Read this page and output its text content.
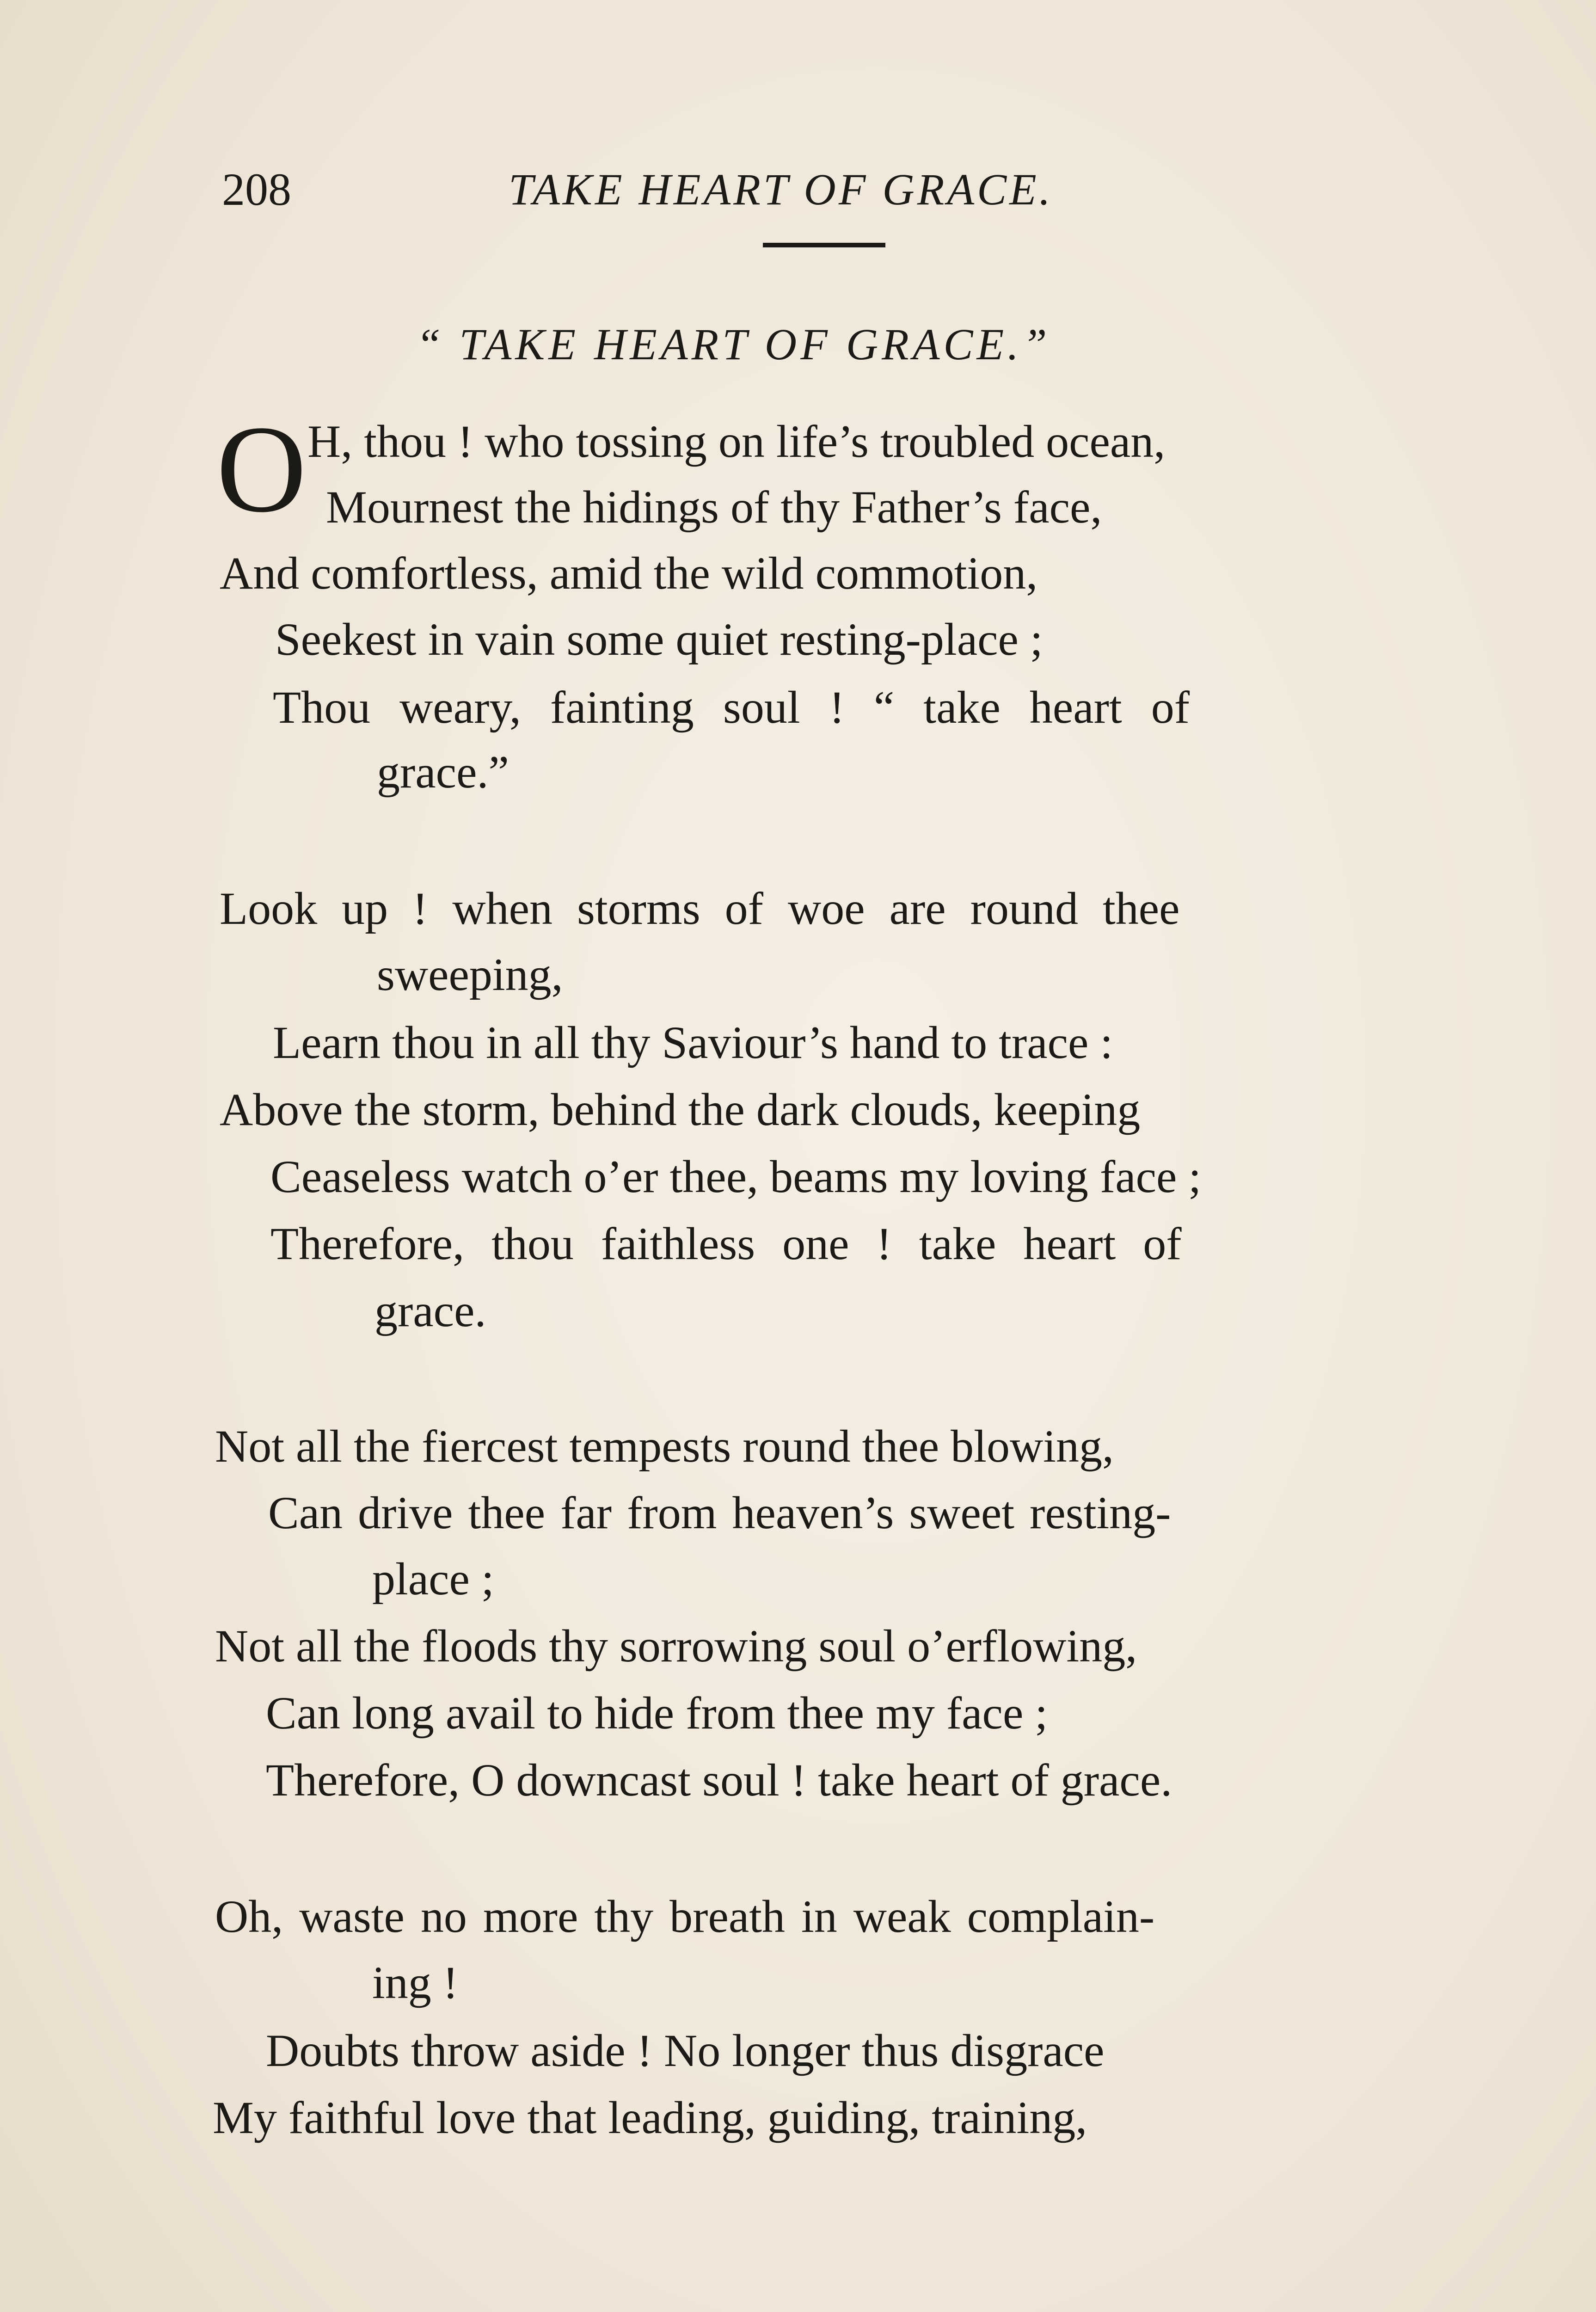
208	TAKE HEART OF GRACE.
“ TAKE HEART OF GRACE.”
O H, thou ! who tossing on life’s troubled ocean,
Mournest the hidings of thy Father’s face,
And comfortless, amid the wild commotion,
Seekest in vain some quiet resting-place ;
Thou weary, fainting soul ! “ take heart of
grace.”
Look up ! when storms of woe are round thee
sweeping,
Learn thou in all thy Saviour’s hand to trace :
Above the storm, behind the dark clouds, keeping
Ceaseless watch o’er thee, beams my loving face ;
Therefore, thou faithless one ! take heart of
grace.
Not all the fiercest tempests round thee blowing,
Can drive thee far from heaven’s sweet resting-
place ;
Not all the floods thy sorrowing soul o’erflowing,
Can long avail to hide from thee my face ;
Therefore, O downcast soul ! take heart of grace.
Oh, waste no more thy breath in weak complain-
ing !
Doubts throw aside ! No longer thus disgrace
My faithful love that leading, guiding, training,
